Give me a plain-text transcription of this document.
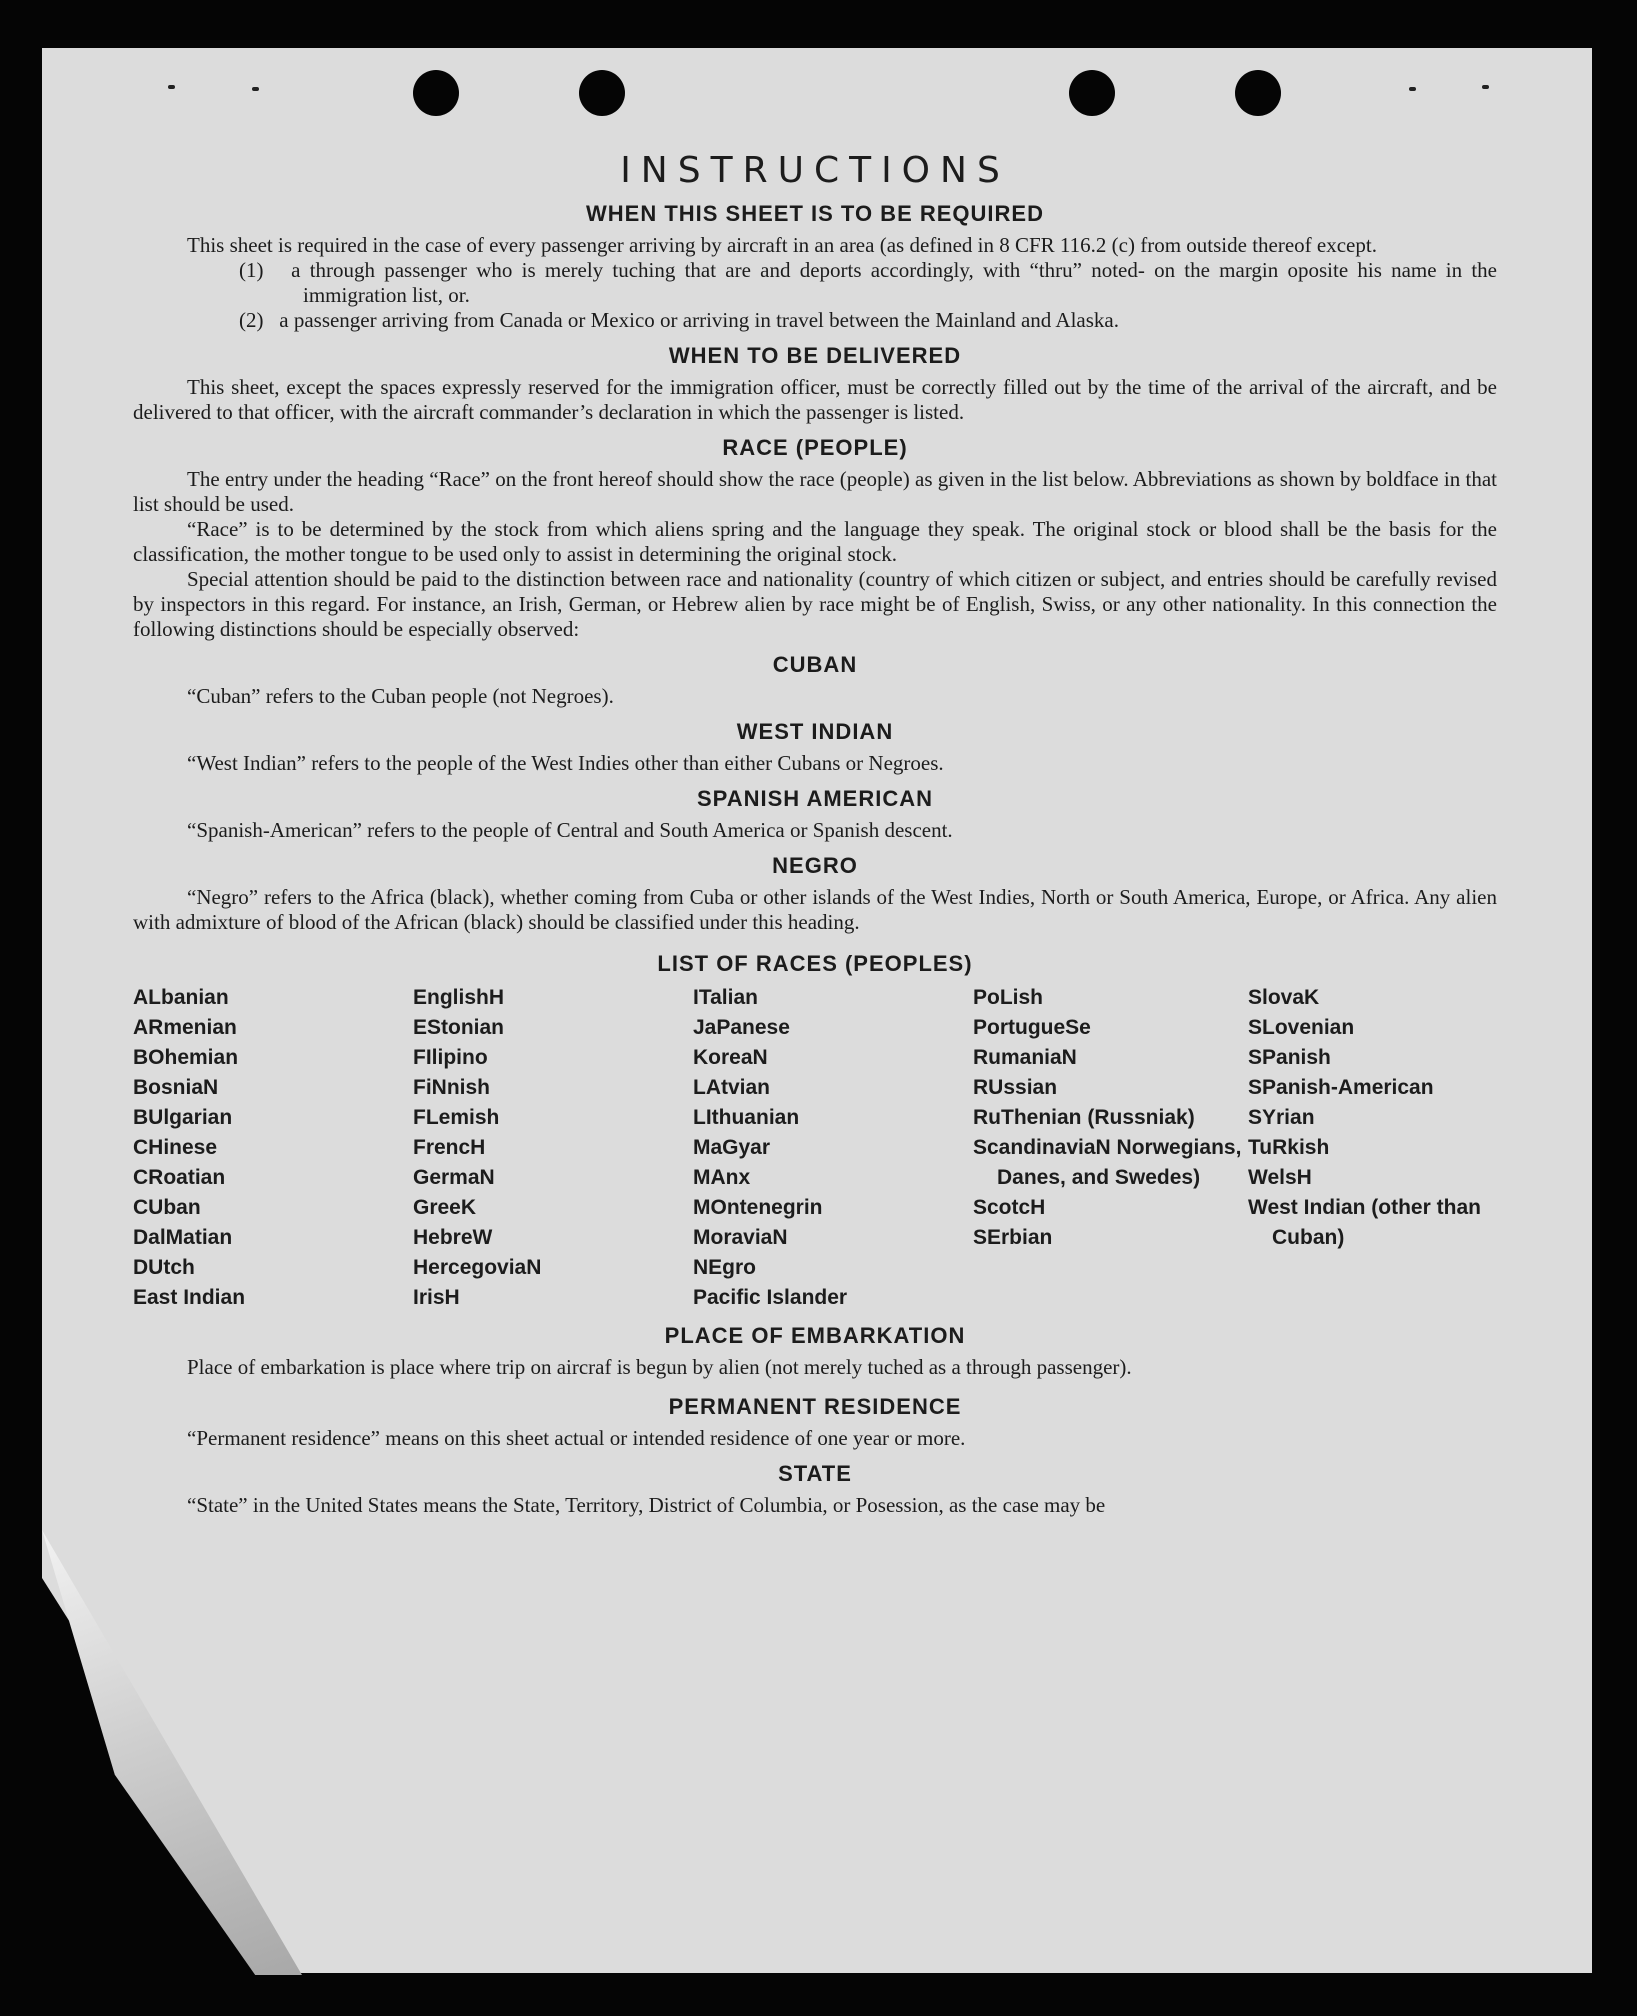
INSTRUCTIONS
WHEN THIS SHEET IS TO BE REQUIRED

This sheet is required in the case of every passenger arriving by aircraft in an area (as defined in 8 CFR 116.2 (c) from outside thereof except.

(1) a through passenger who is merely tuching that are and deports accordingly, with “thru” noted- on the margin oposite his name in the immigration list, or.
(2) a passenger arriving from Canada or Mexico or arriving in travel between the Mainland and Alaska.
WHEN TO BE DELIVERED

This sheet, except the spaces expressly reserved for the immigration officer, must be correctly filled out by the time of the arrival of the aircraft, and be delivered to that officer, with the aircraft commander’s declaration in which the passenger is listed.

RACE (PEOPLE)

The entry under the heading “Race” on the front hereof should show the race (people) as given in the list below. Abbreviations as shown by boldface in that list should be used.

“Race” is to be determined by the stock from which aliens spring and the language they speak. The original stock or blood shall be the basis for the classification, the mother tongue to be used only to assist in determining the original stock.

Special attention should be paid to the distinction between race and nationality (country of which citizen or subject, and entries should be carefully revised by inspectors in this regard. For instance, an Irish, German, or Hebrew alien by race might be of English, Swiss, or any other nationality. In this connection the following distinctions should be especially observed:

CUBAN

“Cuban” refers to the Cuban people (not Negroes).

WEST INDIAN

“West Indian” refers to the people of the West Indies other than either Cubans or Negroes.

SPANISH AMERICAN

“Spanish-American” refers to the people of Central and South America or Spanish descent.

NEGRO

“Negro” refers to the Africa (black), whether coming from Cuba or other islands of the West Indies, North or South America, Europe, or Africa. Any alien with admixture of blood of the African (black) should be classified under this heading.

LIST OF RACES (PEOPLES)
ALbanian
ARmenian
BOhemian
BosniaN
BUlgarian
CHinese
CRoatian
CUban
DalMatian
DUtch
East Indian
EnglishH
EStonian
FIlipino
FiNnish
FLemish
FrencH
GermaN
GreeK
HebreW
HercegoviaN
IrisH
ITalian
JaPanese
KoreaN
LAtvian
LIthuanian
MaGyar
MAnx
MOntenegrin
MoraviaN
NEgro
Pacific Islander
PoLish
PortugueSe
RumaniaN
RUssian
RuThenian (Russniak)
ScandinaviaN Norwegians, Danes, and Swedes)
ScotcH
SErbian
SlovaK
SLovenian
SPanish
SPanish-American
SYrian
TuRkish
WelsH
West Indian (other than Cuban)
PLACE OF EMBARKATION

Place of embarkation is place where trip on aircraf is begun by alien (not merely tuched as a through passenger).

PERMANENT RESIDENCE

“Permanent residence” means on this sheet actual or intended residence of one year or more.

STATE

“State” in the United States means the State, Territory, District of Columbia, or Posession, as the case may be
